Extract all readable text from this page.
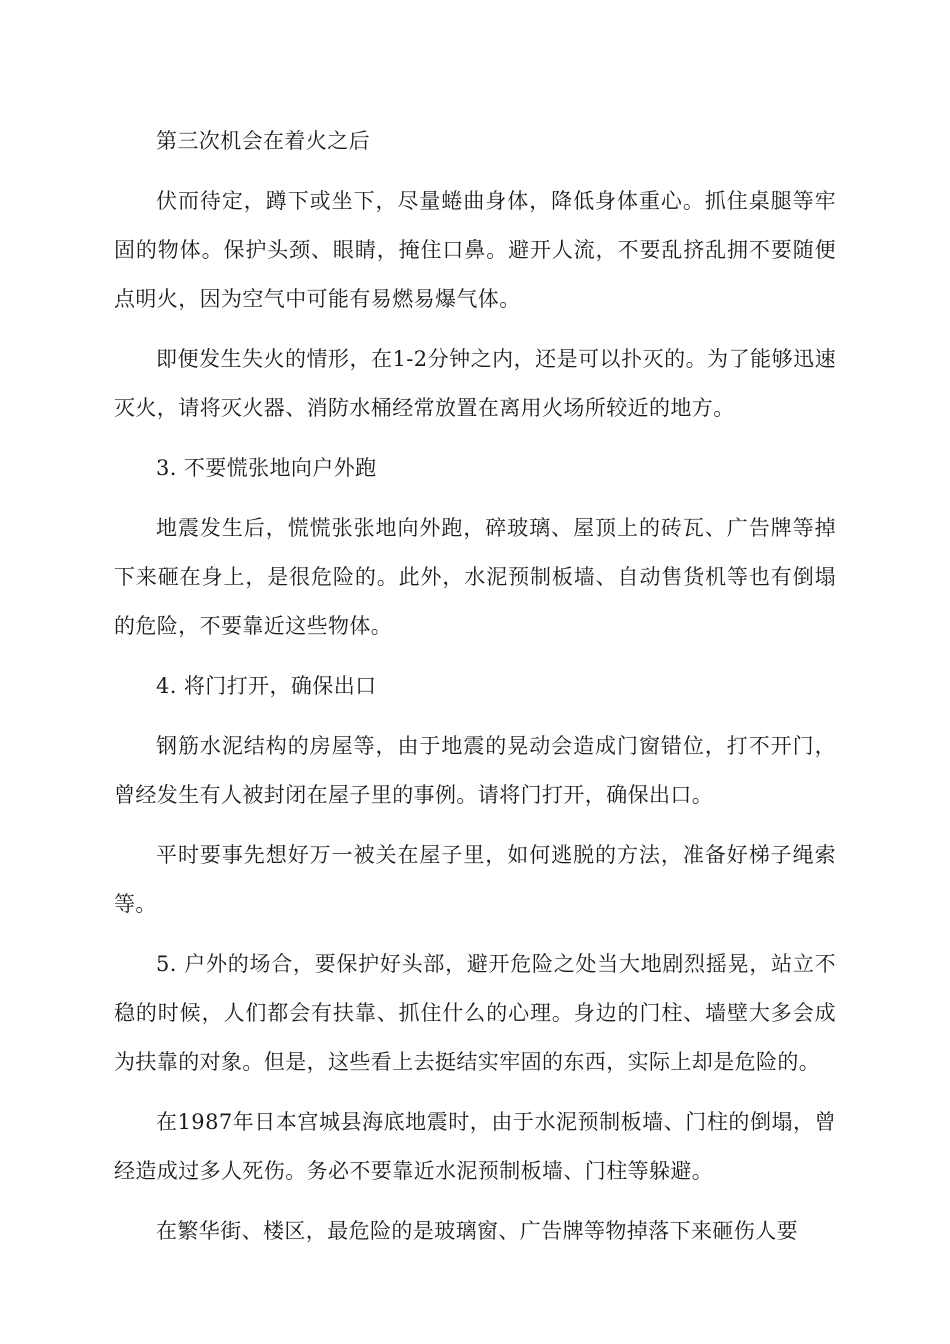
第三次机会在着火之后

伏而待定，蹲下或坐下，尽量蜷曲身体，降低身体重心。抓住桌腿等牢固的物体。保护头颈、眼睛，掩住口鼻。避开人流，不要乱挤乱拥不要随便点明火，因为空气中可能有易燃易爆气体。

即便发生失火的情形，在1-2分钟之内，还是可以扑灭的。为了能够迅速灭火，请将灭火器、消防水桶经常放置在离用火场所较近的地方。

3. 不要慌张地向户外跑

地震发生后，慌慌张张地向外跑，碎玻璃、屋顶上的砖瓦、广告牌等掉下来砸在身上，是很危险的。此外，水泥预制板墙、自动售货机等也有倒塌的危险，不要靠近这些物体。

4. 将门打开，确保出口

钢筋水泥结构的房屋等，由于地震的晃动会造成门窗错位，打不开门，曾经发生有人被封闭在屋子里的事例。请将门打开，确保出口。

平时要事先想好万一被关在屋子里，如何逃脱的方法，准备好梯子绳索等。

5. 户外的场合，要保护好头部，避开危险之处当大地剧烈摇晃，站立不稳的时候，人们都会有扶靠、抓住什么的心理。身边的门柱、墙壁大多会成为扶靠的对象。但是，这些看上去挺结实牢固的东西，实际上却是危险的。

在1987年日本宫城县海底地震时，由于水泥预制板墙、门柱的倒塌，曾经造成过多人死伤。务必不要靠近水泥预制板墙、门柱等躲避。

在繁华街、楼区，最危险的是玻璃窗、广告牌等物掉落下来砸伤人要
